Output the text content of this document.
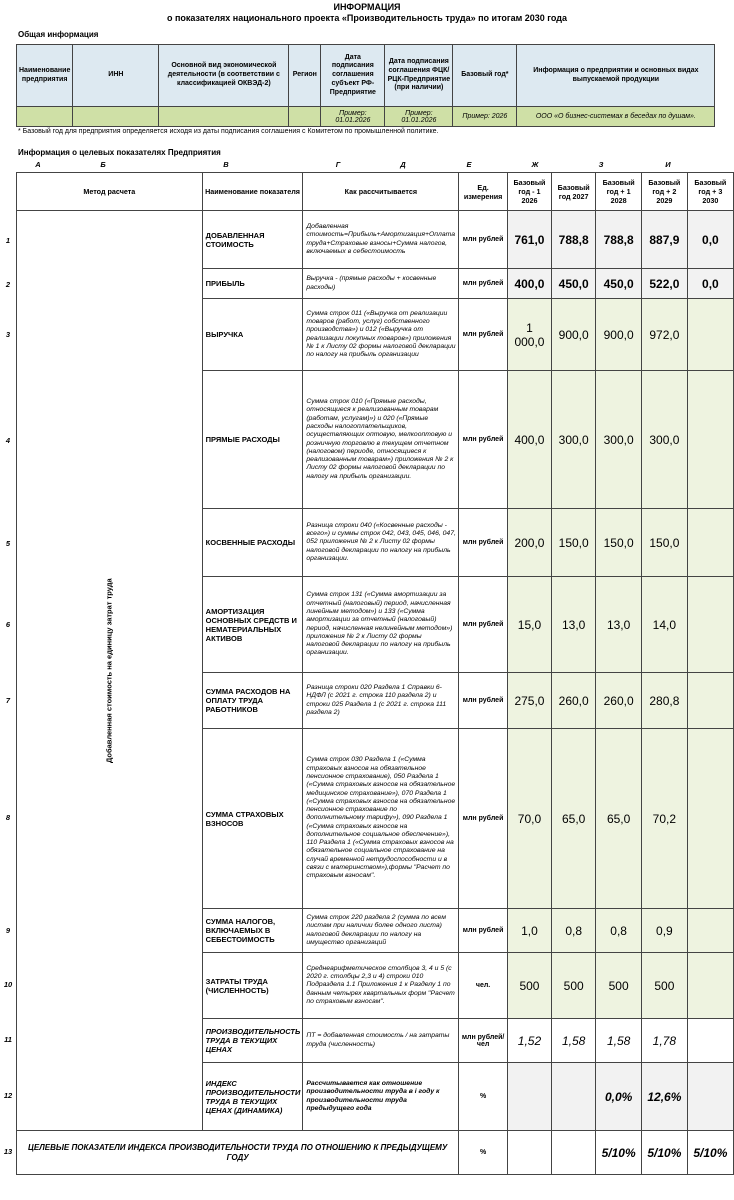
ИНФОРМАЦИЯ
о показателях национального проекта «Производительность труда» по итогам 2030 года
Общая информация
Наименование предприятия	ИНН	Основной вид экономической деятельности (в соответствии с классификацией ОКВЭД-2)	Регион	Дата подписания соглашения субъект РФ-Предприятие	Дата подписания соглашения ФЦК/РЦК-Предприятие (при наличии)	Базовый год*	Информация о предприятии и основных видах выпускаемой продукции
				Пример: 01.01.2026	Пример: 01.01.2026	Пример: 2026	ООО «О бизнес-системах в беседах по душам».
* Базовый год для предприятия определяется исходя из даты подписания соглашения с Комитетом по промышленной политике.
Информация о целевых показателях Предприятия
А	Б	В	Г	Д	Е	Ж	З	И
1
2
3
4
5
6
7
8
9
10
11
12
13
Метод расчета	Наименование показателя	Как рассчитывается	Ед. измерения	Базовый год - 1 2026	Базовый год 2027	Базовый год + 1 2028	Базовый год + 2 2029	Базовый год + 3 2030
Добавленная стоимость на единицу затрат труда	ДОБАВЛЕННАЯ СТОИМОСТЬ	Добавленная стоимость=Прибыль+Амортизация+Оплата труда+Страховые взносы+Сумма налогов, включаемых в себестоимость	млн рублей	761,0	788,8	788,8	887,9	0,0
	ПРИБЫЛЬ	Выручка - (прямые расходы + косвенные расходы)	млн рублей	400,0	450,0	450,0	522,0	0,0
	ВЫРУЧКА	Сумма строк 011 («Выручка от реализации товаров (работ, услуг) собственного производства») и 012 («Выручка от реализации покупных товаров») приложения № 1 к Листу 02 формы налоговой декларации по налогу на прибыль организации	млн рублей	1 000,0	900,0	900,0	972,0	
	ПРЯМЫЕ РАСХОДЫ	Сумма строк 010 («Прямые расходы, относящиеся к реализованным товарам (работам, услугам)») и 020 («Прямые расходы налогоплательщиков, осуществляющих оптовую, мелкооптовую и розничную торговлю в текущем отчетном (налоговом) периоде, относящиеся к реализованным товарам») приложения № 2 к Листу 02 формы налоговой декларации по налогу на прибыль организации.	млн рублей	400,0	300,0	300,0	300,0	
	КОСВЕННЫЕ РАСХОДЫ	Разница строки 040 («Косвенные расходы - всего») и суммы строк 042, 043, 045, 046, 047, 052 приложения № 2 к Листу 02 формы налоговой декларации по налогу на прибыль организации.	млн рублей	200,0	150,0	150,0	150,0	
	АМОРТИЗАЦИЯ ОСНОВНЫХ СРЕДСТВ И НЕМАТЕРИАЛЬНЫХ АКТИВОВ	Сумма строк 131 («Сумма амортизации за отчетный (налоговый) период, начисленная линейным методом») и 133 («Сумма амортизации за отчетный (налоговый) период, начисленная нелинейным методом») приложения № 2 к Листу 02 формы налоговой декларации по налогу на прибыль организации.	млн рублей	15,0	13,0	13,0	14,0	
	СУММА РАСХОДОВ НА ОПЛАТУ ТРУДА РАБОТНИКОВ	Разница строки 020 Раздела 1 Справки 6-НДФЛ (с 2021 г. строка 110 раздела 2) и строки 025 Раздела 1 (с 2021 г. строка 111 раздела 2)	млн рублей	275,0	260,0	260,0	280,8	
	СУММА СТРАХОВЫХ ВЗНОСОВ	Сумма строк 030 Раздела 1 («Сумма страховых взносов на обязательное пенсионное страхование), 050 Раздела 1 («Сумма страховых взносов на обязательное медицинское страхование»), 070 Раздела 1 («Сумма страховых взносов на обязательное пенсионное страхование по дополнительному тарифу»), 090 Раздела 1 («Сумма страховых взносов на дополнительное социальное обеспечение»), 110 Раздела 1 («Сумма страховых взносов на обязательное социальное страхование на случай временной нетрудоспособности и в связи с материнством»),формы "Расчет по страховым взносам".	млн рублей	70,0	65,0	65,0	70,2	
	СУММА НАЛОГОВ, ВКЛЮЧАЕМЫХ В СЕБЕСТОИМОСТЬ	Сумма строк 220 раздела 2 (сумма по всем листам при наличии более одного листа) налоговой декларации по налогу на имущество организаций	млн рублей	1,0	0,8	0,8	0,9	
	ЗАТРАТЫ ТРУДА (ЧИСЛЕННОСТЬ)	Среднеарифметическое столбцов 3, 4 и 5 (с 2020 г. столбцы 2,3 и 4) строки 010 Подраздела 1.1 Приложения 1 к Разделу 1 по данным четырех квартальных форм "Расчет по страховым взносам".	чел.	500	500	500	500	
	ПРОИЗВОДИТЕЛЬНОСТЬ ТРУДА В ТЕКУЩИХ ЦЕНАХ	ПТ = добавленная стоимость / на затраты труда (численность)	млн рублей/чел	1,52	1,58	1,58	1,78	
	ИНДЕКС ПРОИЗВОДИТЕЛЬНОСТИ ТРУДА В ТЕКУЩИХ ЦЕНАХ (ДИНАМИКА)	Рассчитывается как отношение производительности труда в i году к производительности труда предыдущего года	%			0,0%	12,6%	
ЦЕЛЕВЫЕ ПОКАЗАТЕЛИ ИНДЕКСА ПРОИЗВОДИТЕЛЬНОСТИ ТРУДА ПО ОТНОШЕНИЮ К ПРЕДЫДУЩЕМУ ГОДУ			%			5/10%	5/10%	5/10%
